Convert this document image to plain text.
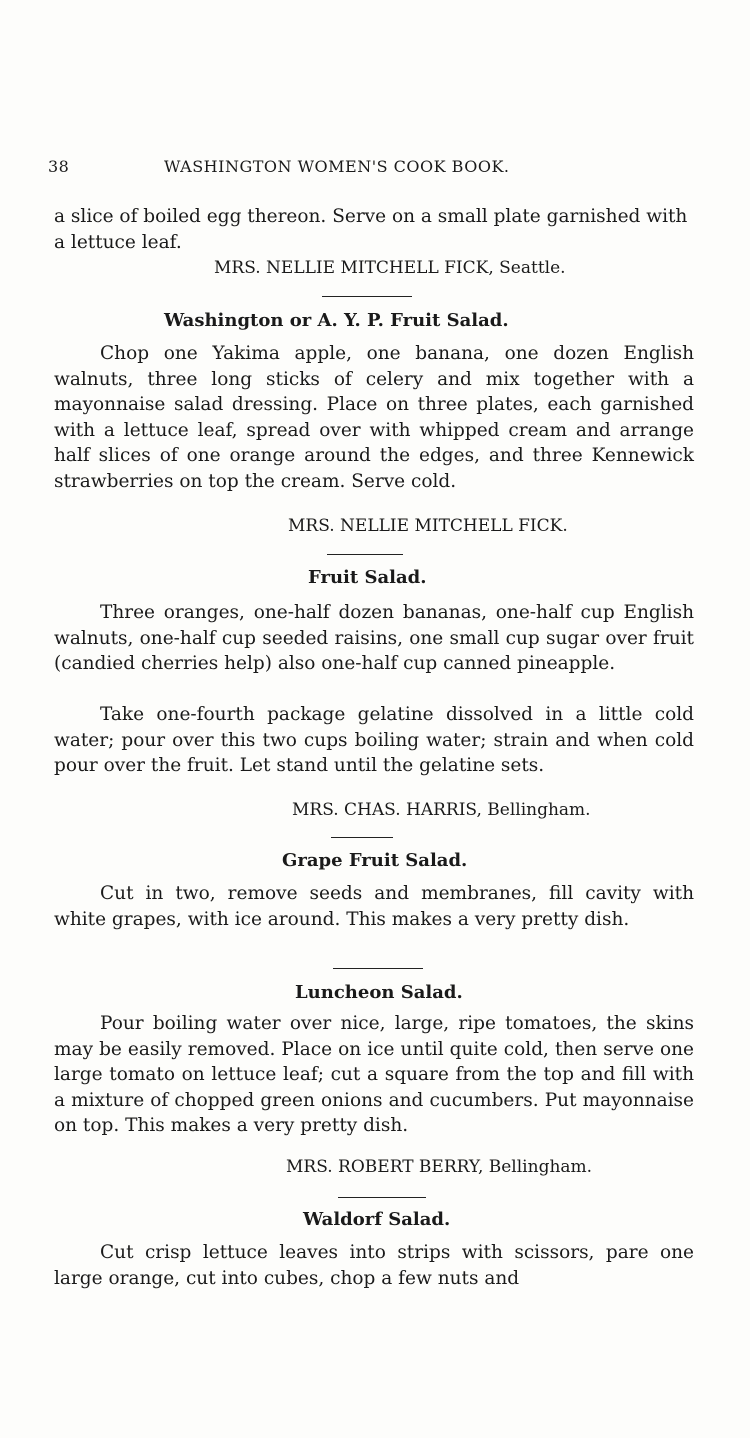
38	WASHINGTON WOMEN'S COOK BOOK.
a slice of boiled egg thereon. Serve on a small plate garnished with a lettuce leaf.
MRS. NELLIE MITCHELL FICK, Seattle.
Washington or A. Y. P. Fruit Salad.
Chop one Yakima apple, one banana, one dozen English walnuts, three long sticks of celery and mix together with a mayonnaise salad dressing. Place on three plates, each garnished with a lettuce leaf, spread over with whipped cream and arrange half slices of one orange around the edges, and three Kennewick strawberries on top the cream. Serve cold.
MRS. NELLIE MITCHELL FICK.
Fruit Salad.
Three oranges, one-half dozen bananas, one-half cup English walnuts, one-half cup seeded raisins, one small cup sugar over fruit (candied cherries help) also one-half cup canned pineapple.
Take one-fourth package gelatine dissolved in a little cold water; pour over this two cups boiling water; strain and when cold pour over the fruit. Let stand until the gelatine sets.
MRS. CHAS. HARRIS, Bellingham.
Grape Fruit Salad.
Cut in two, remove seeds and membranes, fill cavity with white grapes, with ice around. This makes a very pretty dish.
Luncheon Salad.
Pour boiling water over nice, large, ripe tomatoes, the skins may be easily removed. Place on ice until quite cold, then serve one large tomato on lettuce leaf; cut a square from the top and fill with a mixture of chopped green onions and cucumbers. Put mayonnaise on top. This makes a very pretty dish.
MRS. ROBERT BERRY, Bellingham.
Waldorf Salad.
Cut crisp lettuce leaves into strips with scissors, pare one large orange, cut into cubes, chop a few nuts and
